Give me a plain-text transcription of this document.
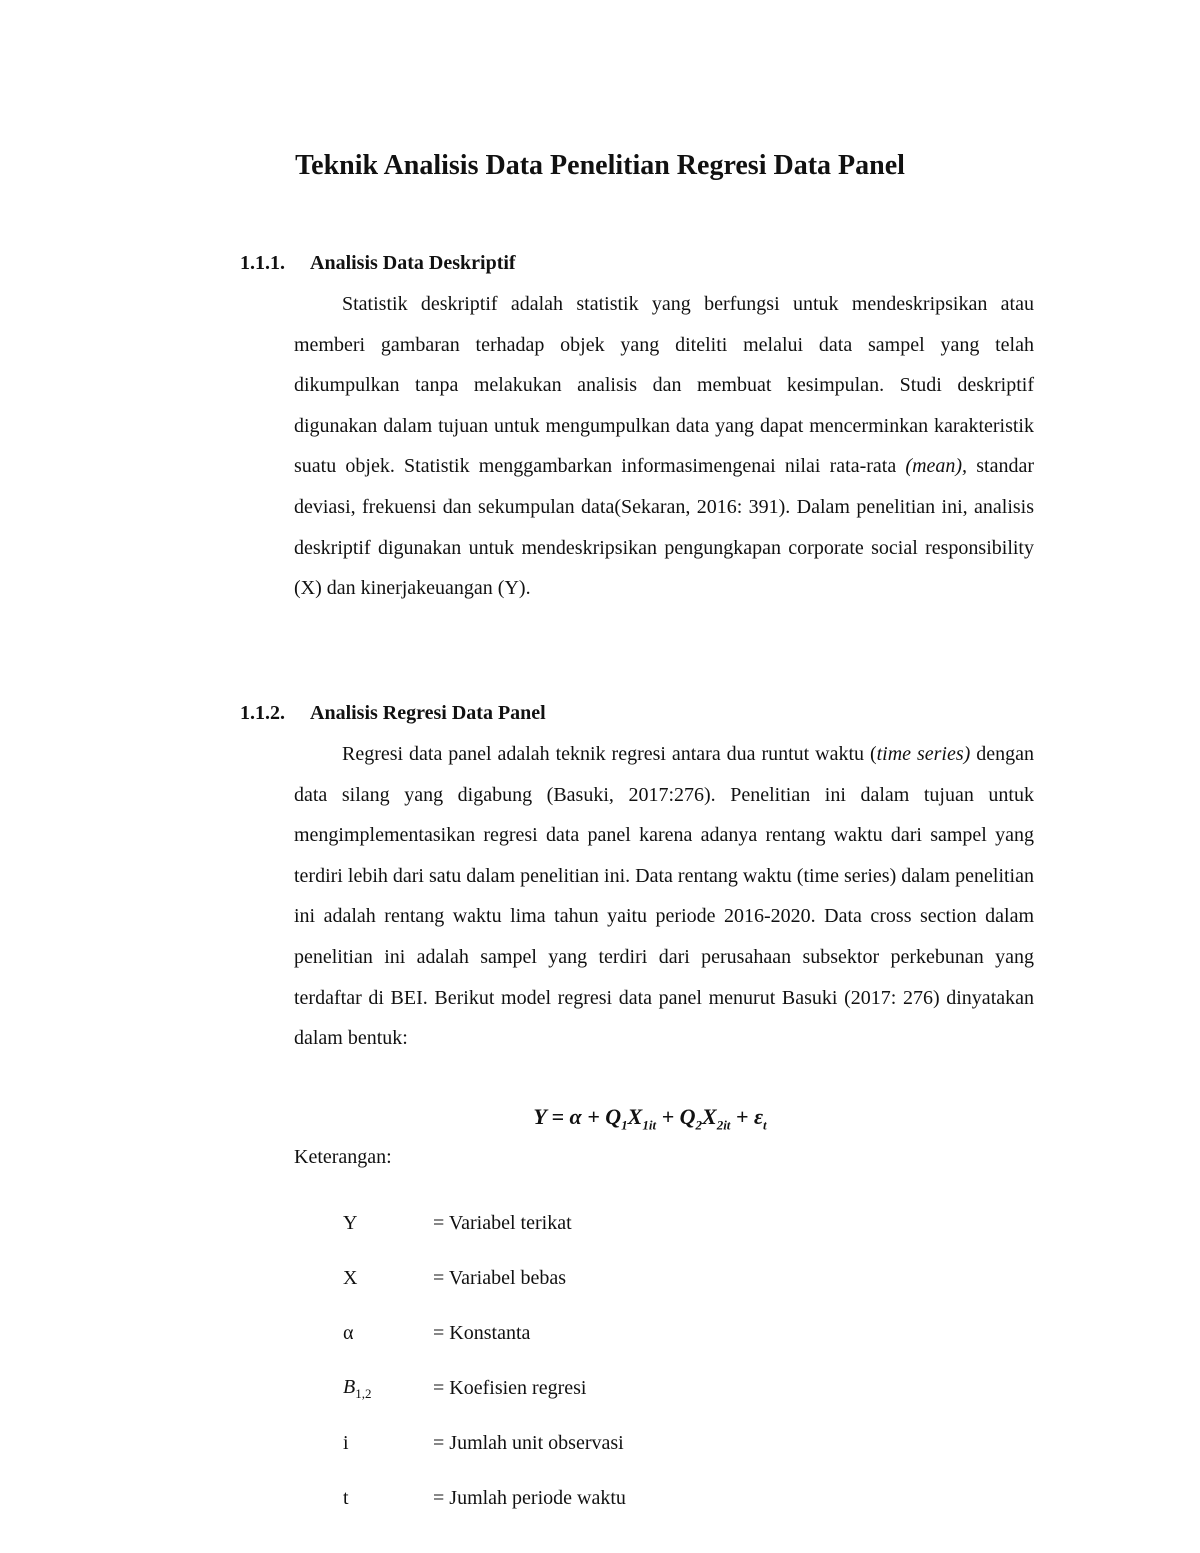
Teknik Analisis Data Penelitian Regresi Data Panel
1.1.1. Analisis Data Deskriptif

Statistik deskriptif adalah statistik yang berfungsi untuk mendeskripsikan atau memberi gambaran terhadap objek yang diteliti melalui data sampel yang telah dikumpulkan tanpa melakukan analisis dan membuat kesimpulan. Studi deskriptif digunakan dalam tujuan untuk mengumpulkan data yang dapat mencerminkan karakteristik suatu objek. Statistik menggambarkan informasimengenai nilai rata-rata (mean), standar deviasi, frekuensi dan sekumpulan data(Sekaran, 2016: 391). Dalam penelitian ini, analisis deskriptif digunakan untuk mendeskripsikan pengungkapan corporate social responsibility (X) dan kinerjakeuangan (Y).

1.1.2. Analisis Regresi Data Panel

Regresi data panel adalah teknik regresi antara dua runtut waktu (time series) dengan data silang yang digabung (Basuki, 2017:276). Penelitian ini dalam tujuan untuk mengimplementasikan regresi data panel karena adanya rentang waktu dari sampel yang terdiri lebih dari satu dalam penelitian ini. Data rentang waktu (time series) dalam penelitian ini adalah rentang waktu lima tahun yaitu periode 2016-2020. Data cross section dalam penelitian ini adalah sampel yang terdiri dari perusahaan subsektor perkebunan yang terdaftar di BEI. Berikut model regresi data panel menurut Basuki (2017: 276) dinyatakan dalam bentuk:

$Y = \alpha + Q_1X_{1it} + Q_2X_{2it} + \varepsilon_t$

Keterangan:

Y	= Variabel terikat
X	= Variabel bebas
α	= Konstanta
$B_{1,2}$	= Koefisien regresi
i	= Jumlah unit observasi
t	= Jumlah periode waktu
